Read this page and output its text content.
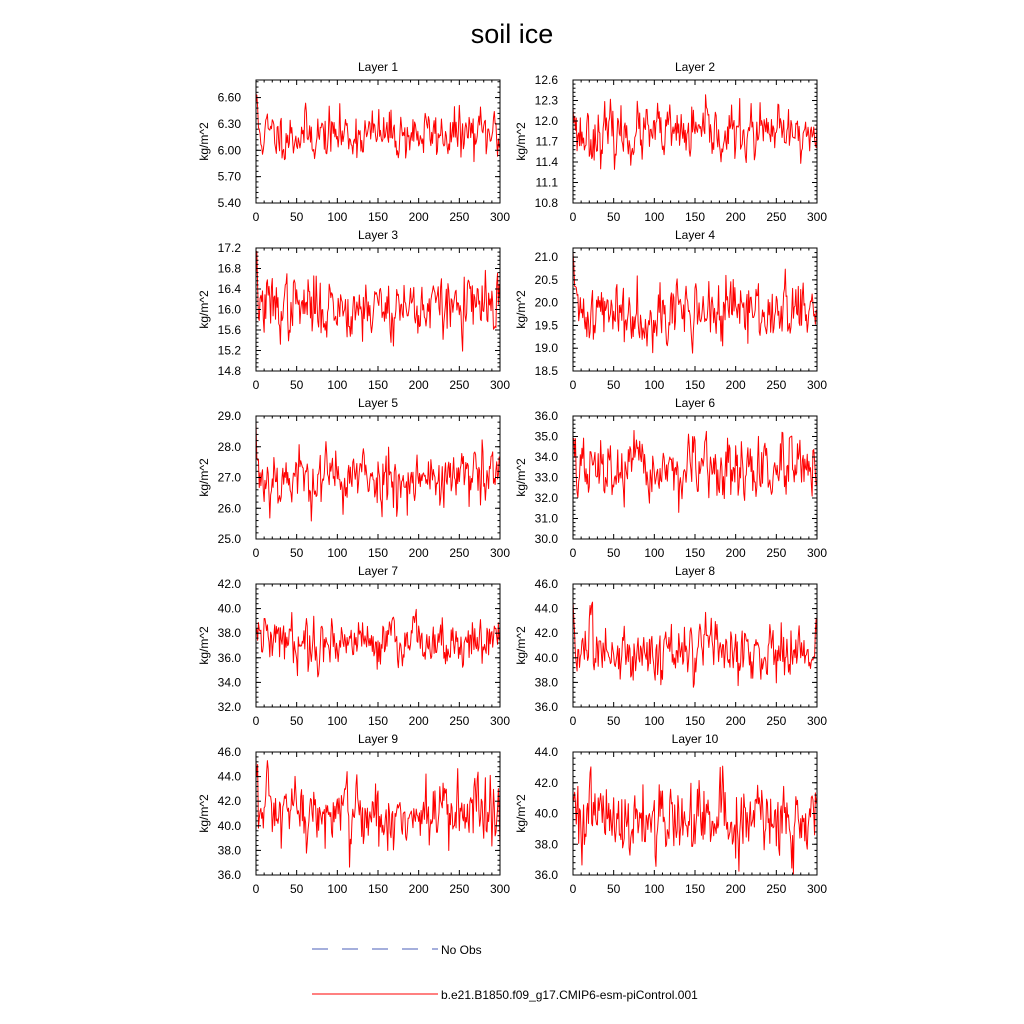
soil ice
Layer 1
kg/m^2
0	50 100 150 200 250 300
5.40
5.70
6.00
6.30
6.60
Layer 2
kg/m^2
0	50 100 150 200 250 300
10.8
11.1
11.4
11.7
12.0
12.3
12.6
Layer 3
kg/m^2
0	50 100 150 200 250 300
14.8
15.2
15.6
16.0
16.4
16.8
17.2
Layer 4
kg/m^2
0	50 100 150 200 250 300
18.5
19.0
19.5
20.0
20.5
21.0
Layer 5
kg/m^2
0	50 100 150 200 250 300
25.0
26.0
27.0
28.0
29.0
Layer 6
kg/m^2
0	50 100 150 200 250 300
30.0
31.0
32.0
33.0
34.0
35.0
36.0
Layer 7
kg/m^2
0	50 100 150 200 250 300
32.0
34.0
36.0
38.0
40.0
42.0
Layer 8
kg/m^2
0	50 100 150 200 250 300
36.0
38.0
40.0
42.0
44.0
46.0
Layer 9
kg/m^2
0	50 100 150 200 250 300
36.0
38.0
40.0
42.0
44.0
46.0
Layer 10
kg/m^2
0	50 100 150 200 250 300
36.0
38.0
40.0
42.0
44.0
No Obs
b.e21.B1850.f09_g17.CMIP6-esm-piControl.001
